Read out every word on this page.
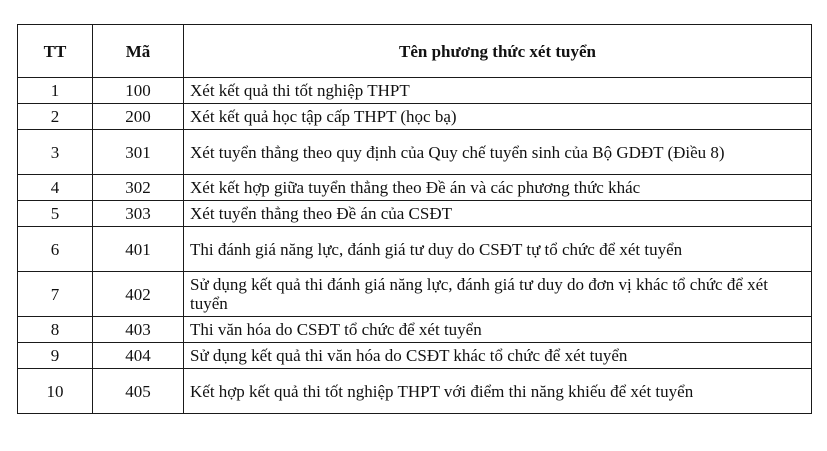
TT	Mã	Tên phương thức xét tuyển
1	100	Xét kết quả thi tốt nghiệp THPT
2	200	Xét kết quả học tập cấp THPT (học bạ)
3	301	Xét tuyển thẳng theo quy định của Quy chế tuyển sinh của Bộ GDĐT (Điều 8)
4	302	Xét kết hợp giữa tuyển thẳng theo Đề án và các phương thức khác
5	303	Xét tuyển thẳng theo Đề án của CSĐT
6	401	Thi đánh giá năng lực, đánh giá tư duy do CSĐT tự tổ chức để xét tuyển
7	402	Sử dụng kết quả thi đánh giá năng lực, đánh giá tư duy do đơn vị khác tổ chức để xét tuyển
8	403	Thi văn hóa do CSĐT tổ chức để xét tuyển
9	404	Sử dụng kết quả thi văn hóa do CSĐT khác tổ chức để xét tuyển
10	405	Kết hợp kết quả thi tốt nghiệp THPT với điểm thi năng khiếu để xét tuyển
